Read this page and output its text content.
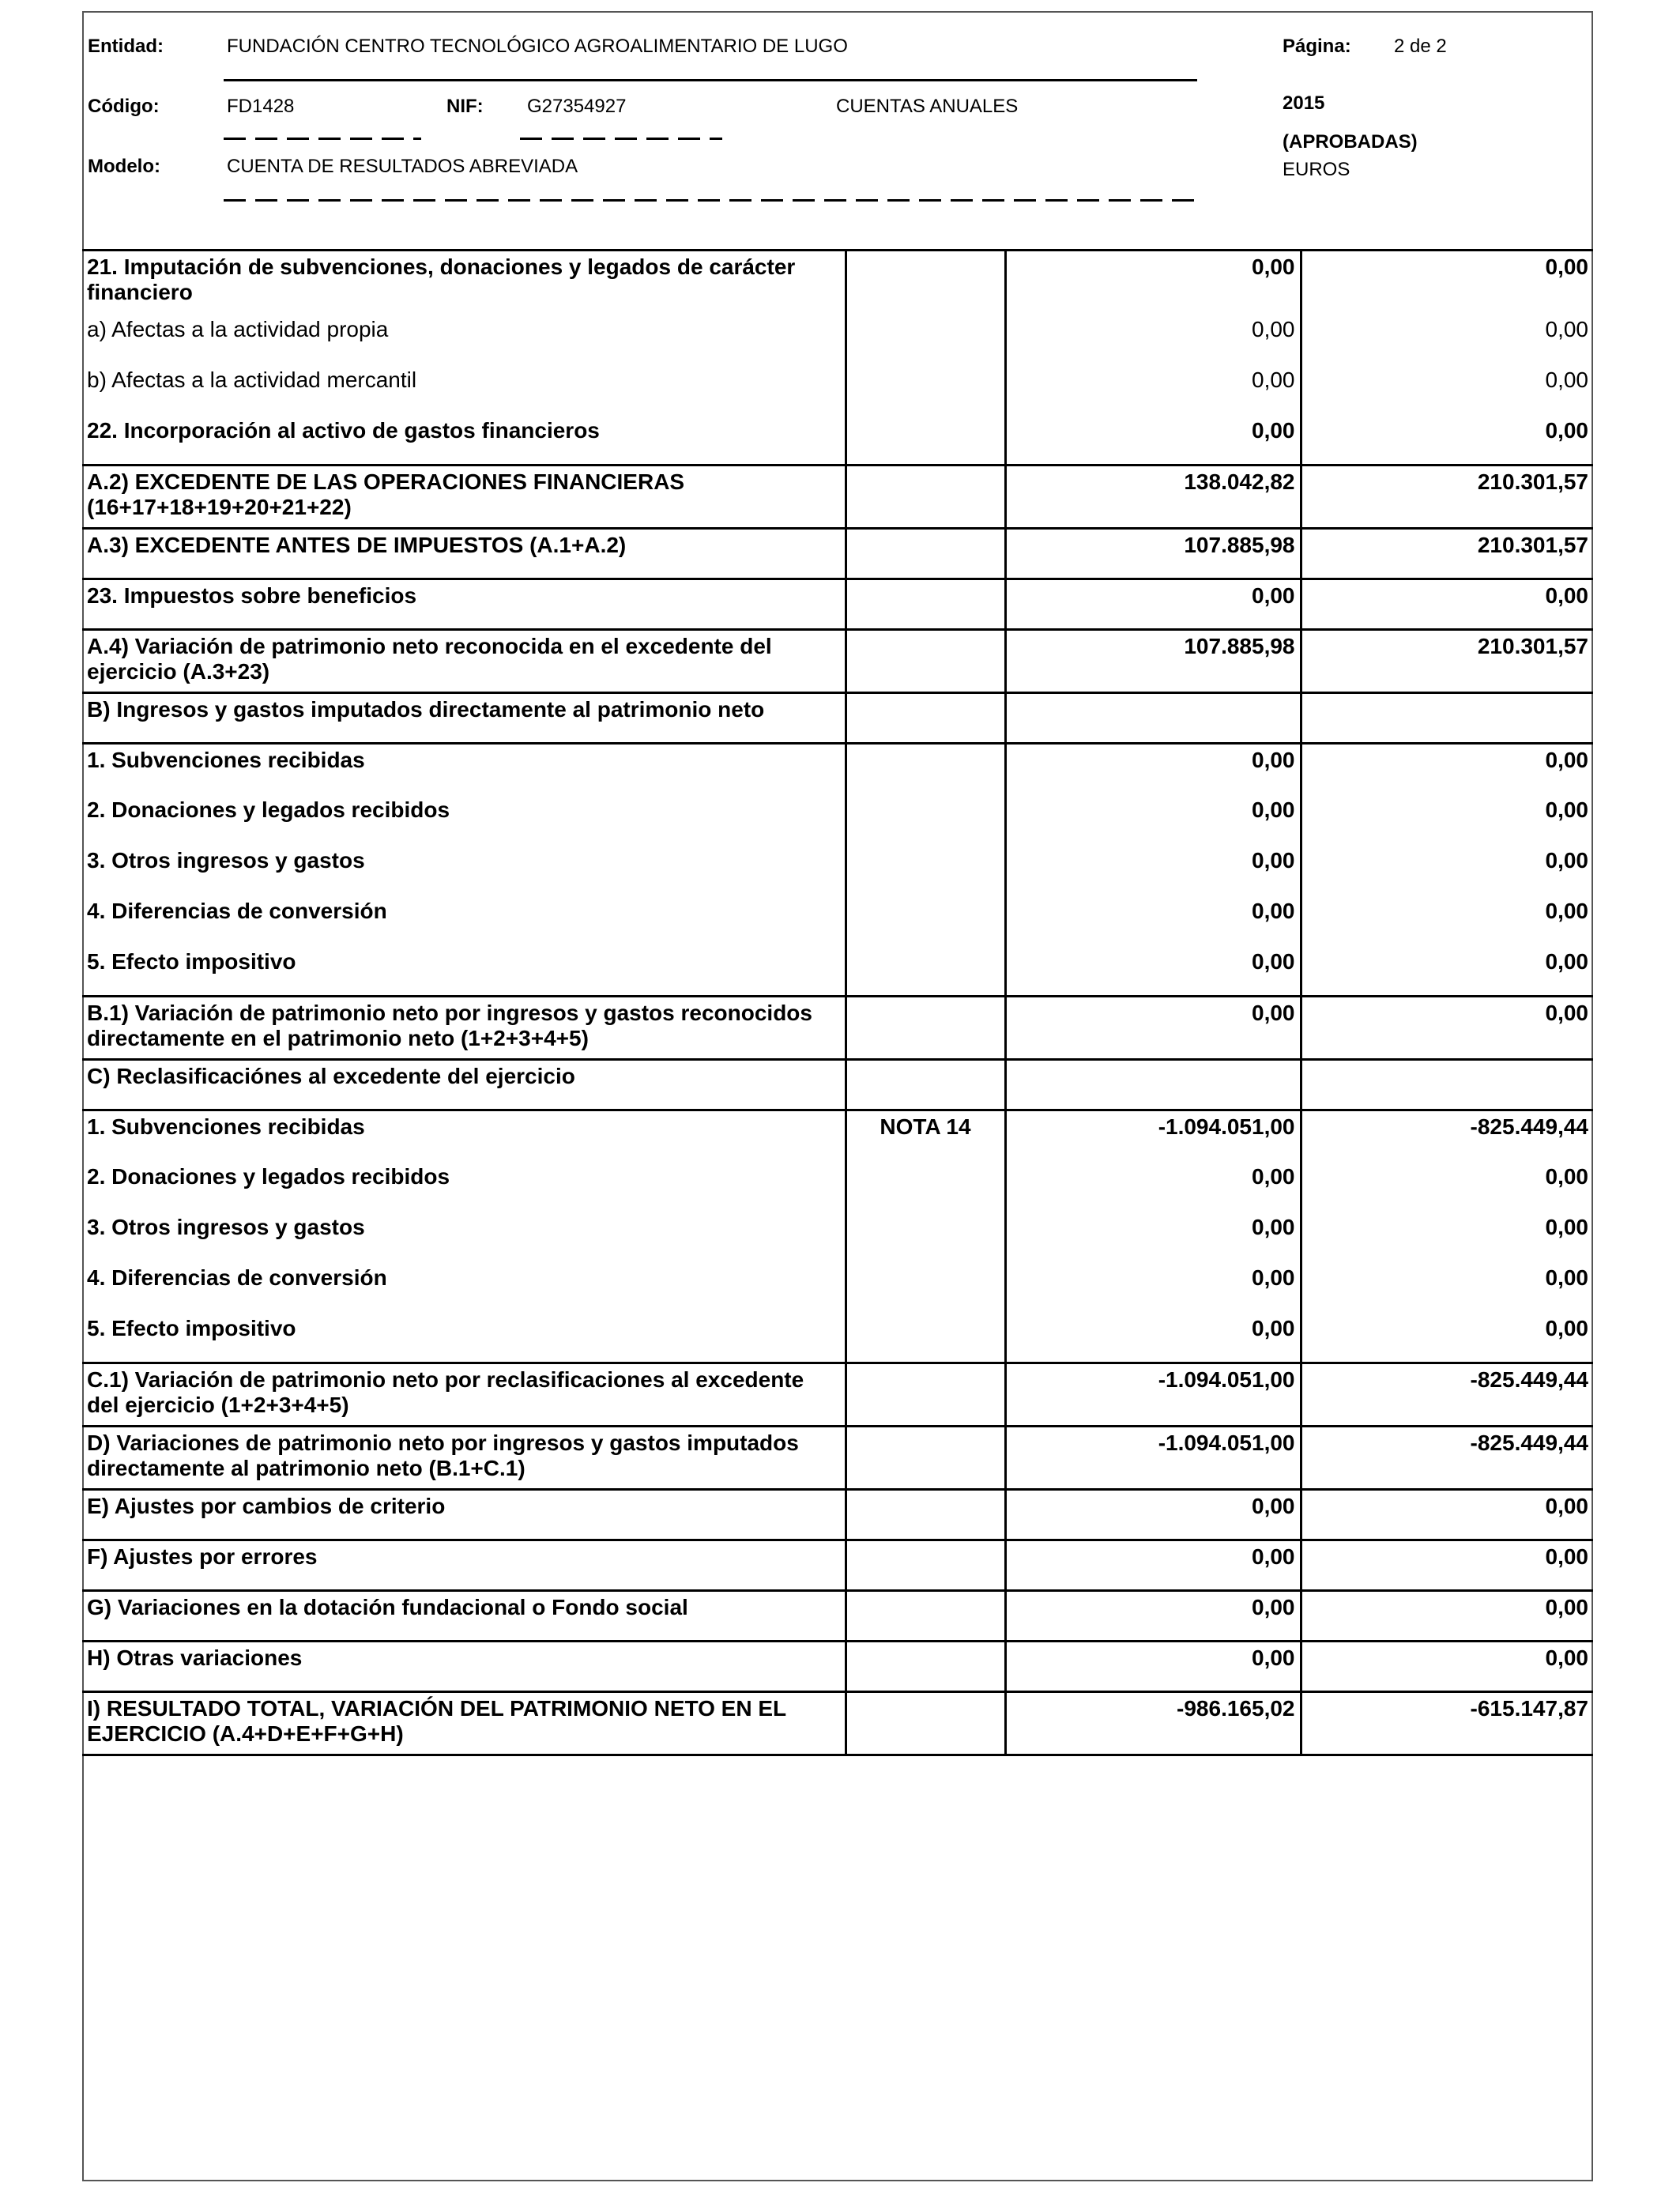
Entidad:	FUNDACIÓN CENTRO TECNOLÓGICO AGROALIMENTARIO DE LUGO	Página: 2 de 2
Código:	FD1428	NIF: G27354927	CUENTAS ANUALES	2015
(APROBADAS)
EUROS
Modelo:	CUENTA DE RESULTADOS ABREVIADA
21. Imputación de subvenciones, donaciones y legados de carácter financiero		0,00	0,00
a) Afectas a la actividad propia		0,00	0,00
b) Afectas a la actividad mercantil		0,00	0,00
22. Incorporación al activo de gastos financieros		0,00	0,00
A.2) EXCEDENTE DE LAS OPERACIONES FINANCIERAS (16+17+18+19+20+21+22)		138.042,82	210.301,57
A.3) EXCEDENTE ANTES DE IMPUESTOS (A.1+A.2)		107.885,98	210.301,57
23. Impuestos sobre beneficios		0,00	0,00
A.4) Variación de patrimonio neto reconocida en el excedente del ejercicio (A.3+23)		107.885,98	210.301,57
B) Ingresos y gastos imputados directamente al patrimonio neto			
1. Subvenciones recibidas		0,00	0,00
2. Donaciones y legados recibidos		0,00	0,00
3. Otros ingresos y gastos		0,00	0,00
4. Diferencias de conversión		0,00	0,00
5. Efecto impositivo		0,00	0,00
B.1) Variación de patrimonio neto por ingresos y gastos reconocidos directamente en el patrimonio neto (1+2+3+4+5)		0,00	0,00
C) Reclasificaciónes al excedente del ejercicio			
1. Subvenciones recibidas	NOTA 14	-1.094.051,00	-825.449,44
2. Donaciones y legados recibidos		0,00	0,00
3. Otros ingresos y gastos		0,00	0,00
4. Diferencias de conversión		0,00	0,00
5. Efecto impositivo		0,00	0,00
C.1) Variación de patrimonio neto por reclasificaciones al excedente del ejercicio (1+2+3+4+5)		-1.094.051,00	-825.449,44
D) Variaciones de patrimonio neto por ingresos y gastos imputados directamente al patrimonio neto (B.1+C.1)		-1.094.051,00	-825.449,44
E) Ajustes por cambios de criterio		0,00	0,00
F) Ajustes por errores		0,00	0,00
G) Variaciones en la dotación fundacional o Fondo social		0,00	0,00
H) Otras variaciones		0,00	0,00
I) RESULTADO TOTAL, VARIACIÓN DEL PATRIMONIO NETO EN EL EJERCICIO (A.4+D+E+F+G+H)		-986.165,02	-615.147,87
